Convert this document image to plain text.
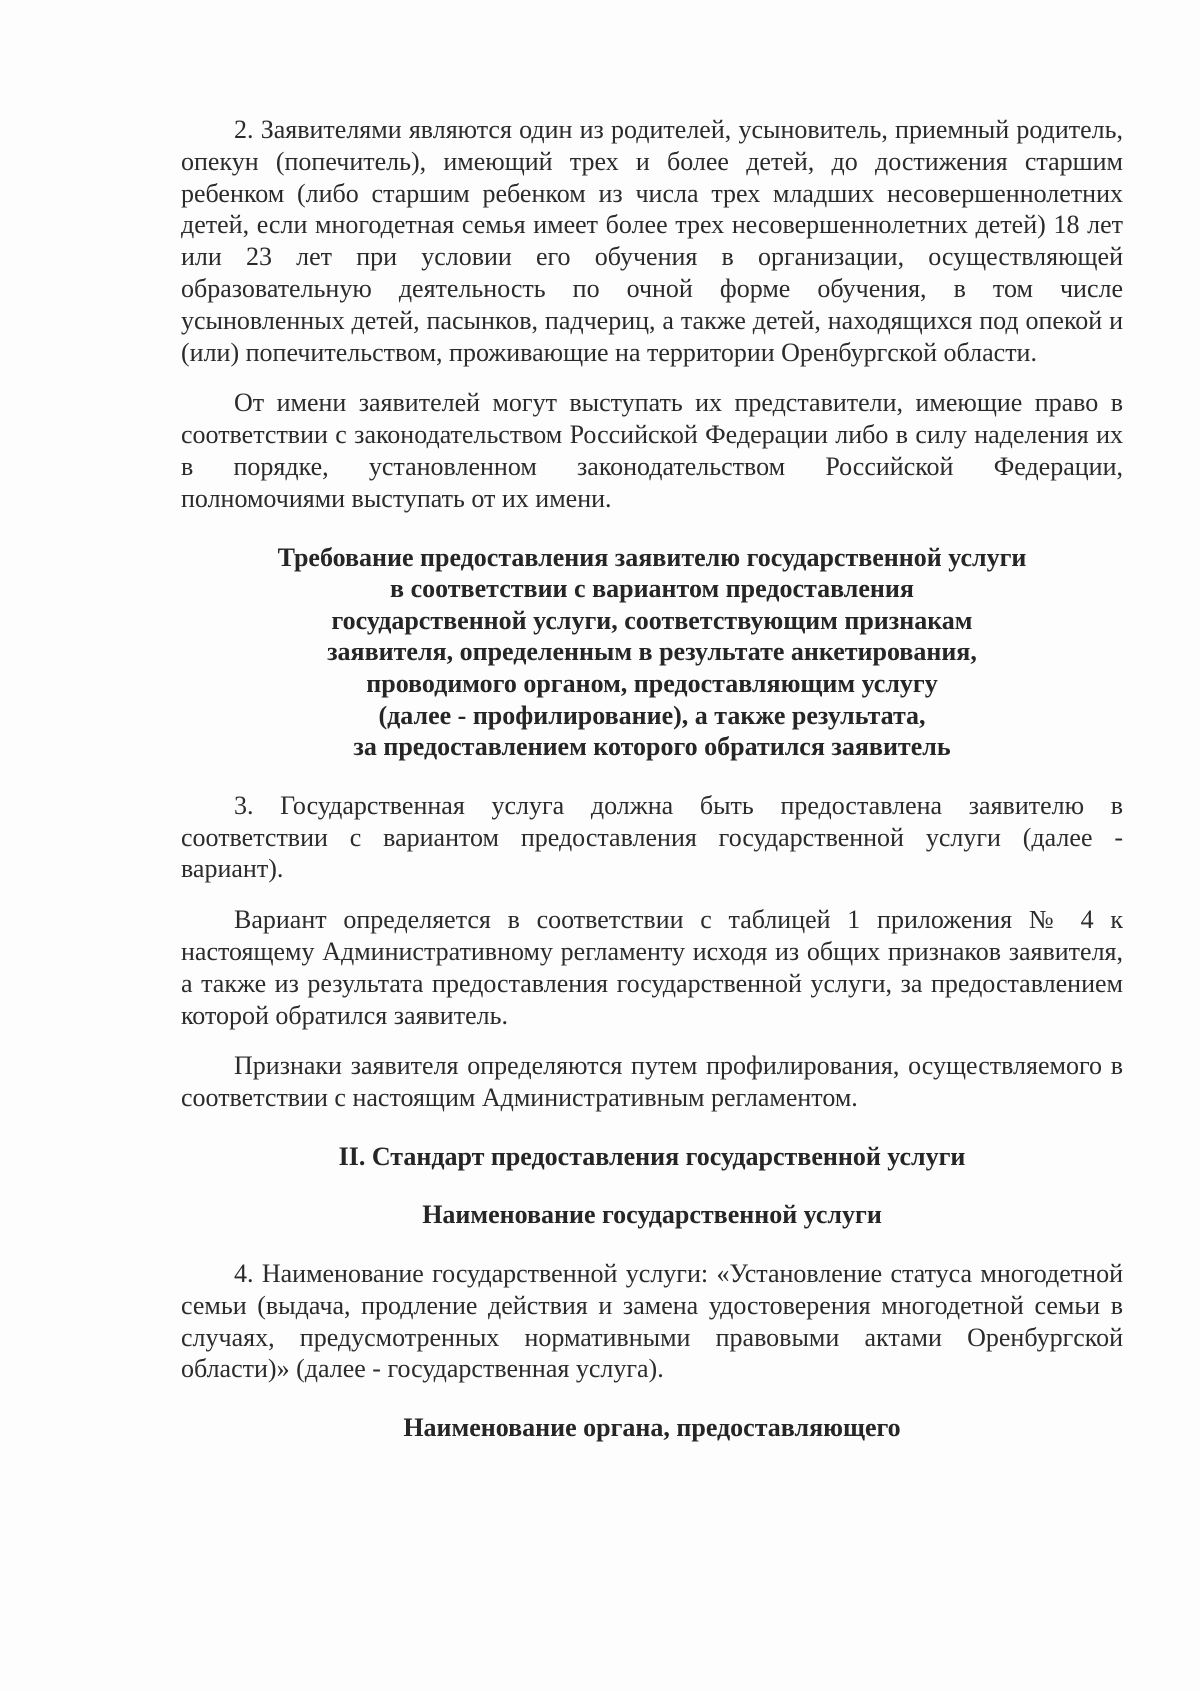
2. Заявителями являются один из родителей, усыновитель, приемный родитель, опекун (попечитель), имеющий трех и более детей, до достижения старшим ребенком (либо старшим ребенком из числа трех младших несовершеннолетних детей, если многодетная семья имеет более трех несовершеннолетних детей) 18 лет или 23 лет при условии его обучения в организации, осуществляющей образовательную деятельность по очной форме обучения, в том числе усыновленных детей, пасынков, падчериц, а также детей, находящихся под опекой и (или) попечительством, проживающие на территории Оренбургской области.

От имени заявителей могут выступать их представители, имеющие право в соответствии с законодательством Российской Федерации либо в силу наделения их в порядке, установленном законодательством Российской Федерации, полномочиями выступать от их имени.

Требование предоставления заявителю государственной услуги
в соответствии с вариантом предоставления
государственной услуги, соответствующим признакам
заявителя, определенным в результате анкетирования,
проводимого органом, предоставляющим услугу
(далее - профилирование), а также результата,
за предоставлением которого обратился заявитель

3. Государственная услуга должна быть предоставлена заявителю в соответствии с вариантом предоставления государственной услуги (далее - вариант).

Вариант определяется в соответствии с таблицей 1 приложения № 4 к настоящему Административному регламенту исходя из общих признаков заявителя, а также из результата предоставления государственной услуги, за предоставлением которой обратился заявитель.

Признаки заявителя определяются путем профилирования, осуществляемого в соответствии с настоящим Административным регламентом.

II. Стандарт предоставления государственной услуги
Наименование государственной услуги

4. Наименование государственной услуги: «Установление статуса многодетной семьи (выдача, продление действия и замена удостоверения многодетной семьи в случаях, предусмотренных нормативными правовыми актами Оренбургской области)» (далее - государственная услуга).

Наименование органа, предоставляющего
